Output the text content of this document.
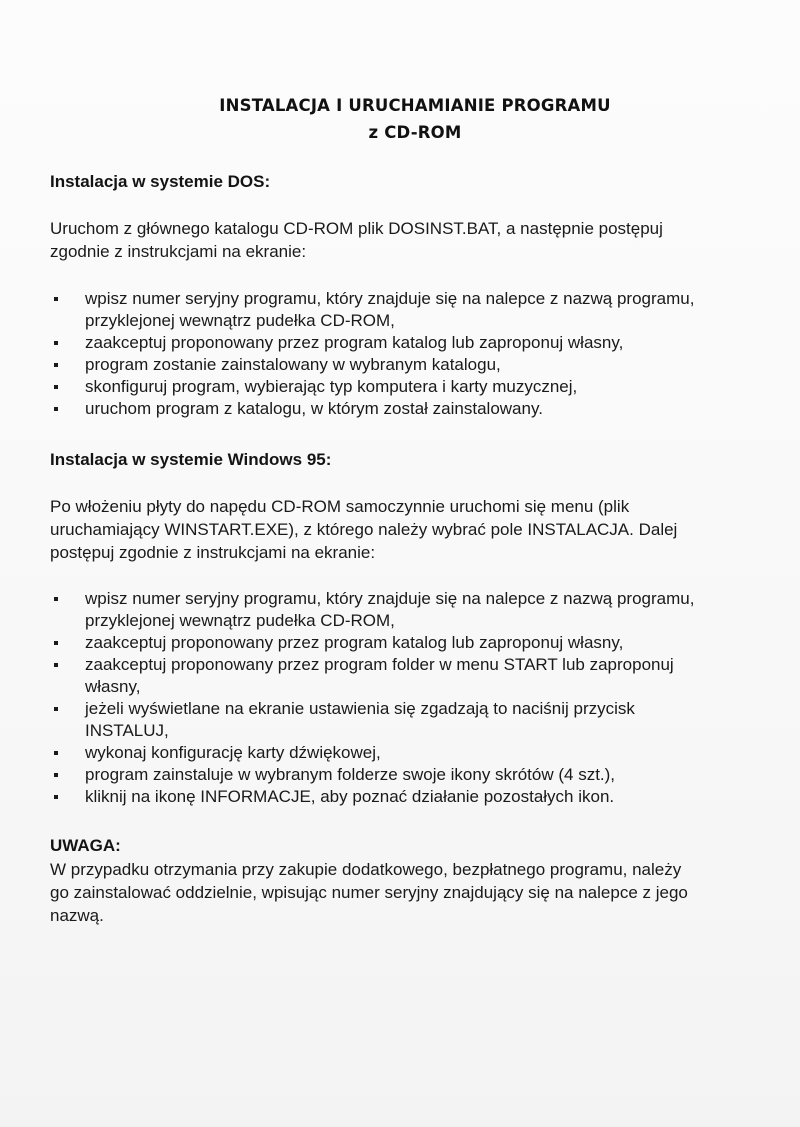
INSTALACJA I URUCHAMIANIE PROGRAMU
z CD-ROM
Instalacja w systemie DOS:
Uruchom z głównego katalogu CD-ROM plik DOSINST.BAT, a następnie postępuj
zgodnie z instrukcjami na ekranie:
wpisz numer seryjny programu, który znajduje się na nalepce z nazwą programu,
przyklejonej wewnątrz pudełka CD-ROM,
zaakceptuj proponowany przez program katalog lub zaproponuj własny,
program zostanie zainstalowany w wybranym katalogu,
skonfiguruj program, wybierając typ komputera i karty muzycznej,
uruchom program z katalogu, w którym został zainstalowany.
Instalacja w systemie Windows 95:
Po włożeniu płyty do napędu CD-ROM samoczynnie uruchomi się menu (plik
uruchamiający WINSTART.EXE), z którego należy wybrać pole INSTALACJA. Dalej
postępuj zgodnie z instrukcjami na ekranie:
wpisz numer seryjny programu, który znajduje się na nalepce z nazwą programu,
przyklejonej wewnątrz pudełka CD-ROM,
zaakceptuj proponowany przez program katalog lub zaproponuj własny,
zaakceptuj proponowany przez program folder w menu START lub zaproponuj
własny,
jeżeli wyświetlane na ekranie ustawienia się zgadzają to naciśnij przycisk
INSTALUJ,
wykonaj konfigurację karty dźwiękowej,
program zainstaluje w wybranym folderze swoje ikony skrótów (4 szt.),
kliknij na ikonę INFORMACJE, aby poznać działanie pozostałych ikon.
UWAGA:
W przypadku otrzymania przy zakupie dodatkowego, bezpłatnego programu, należy
go zainstalować oddzielnie, wpisując numer seryjny znajdujący się na nalepce z jego
nazwą.
